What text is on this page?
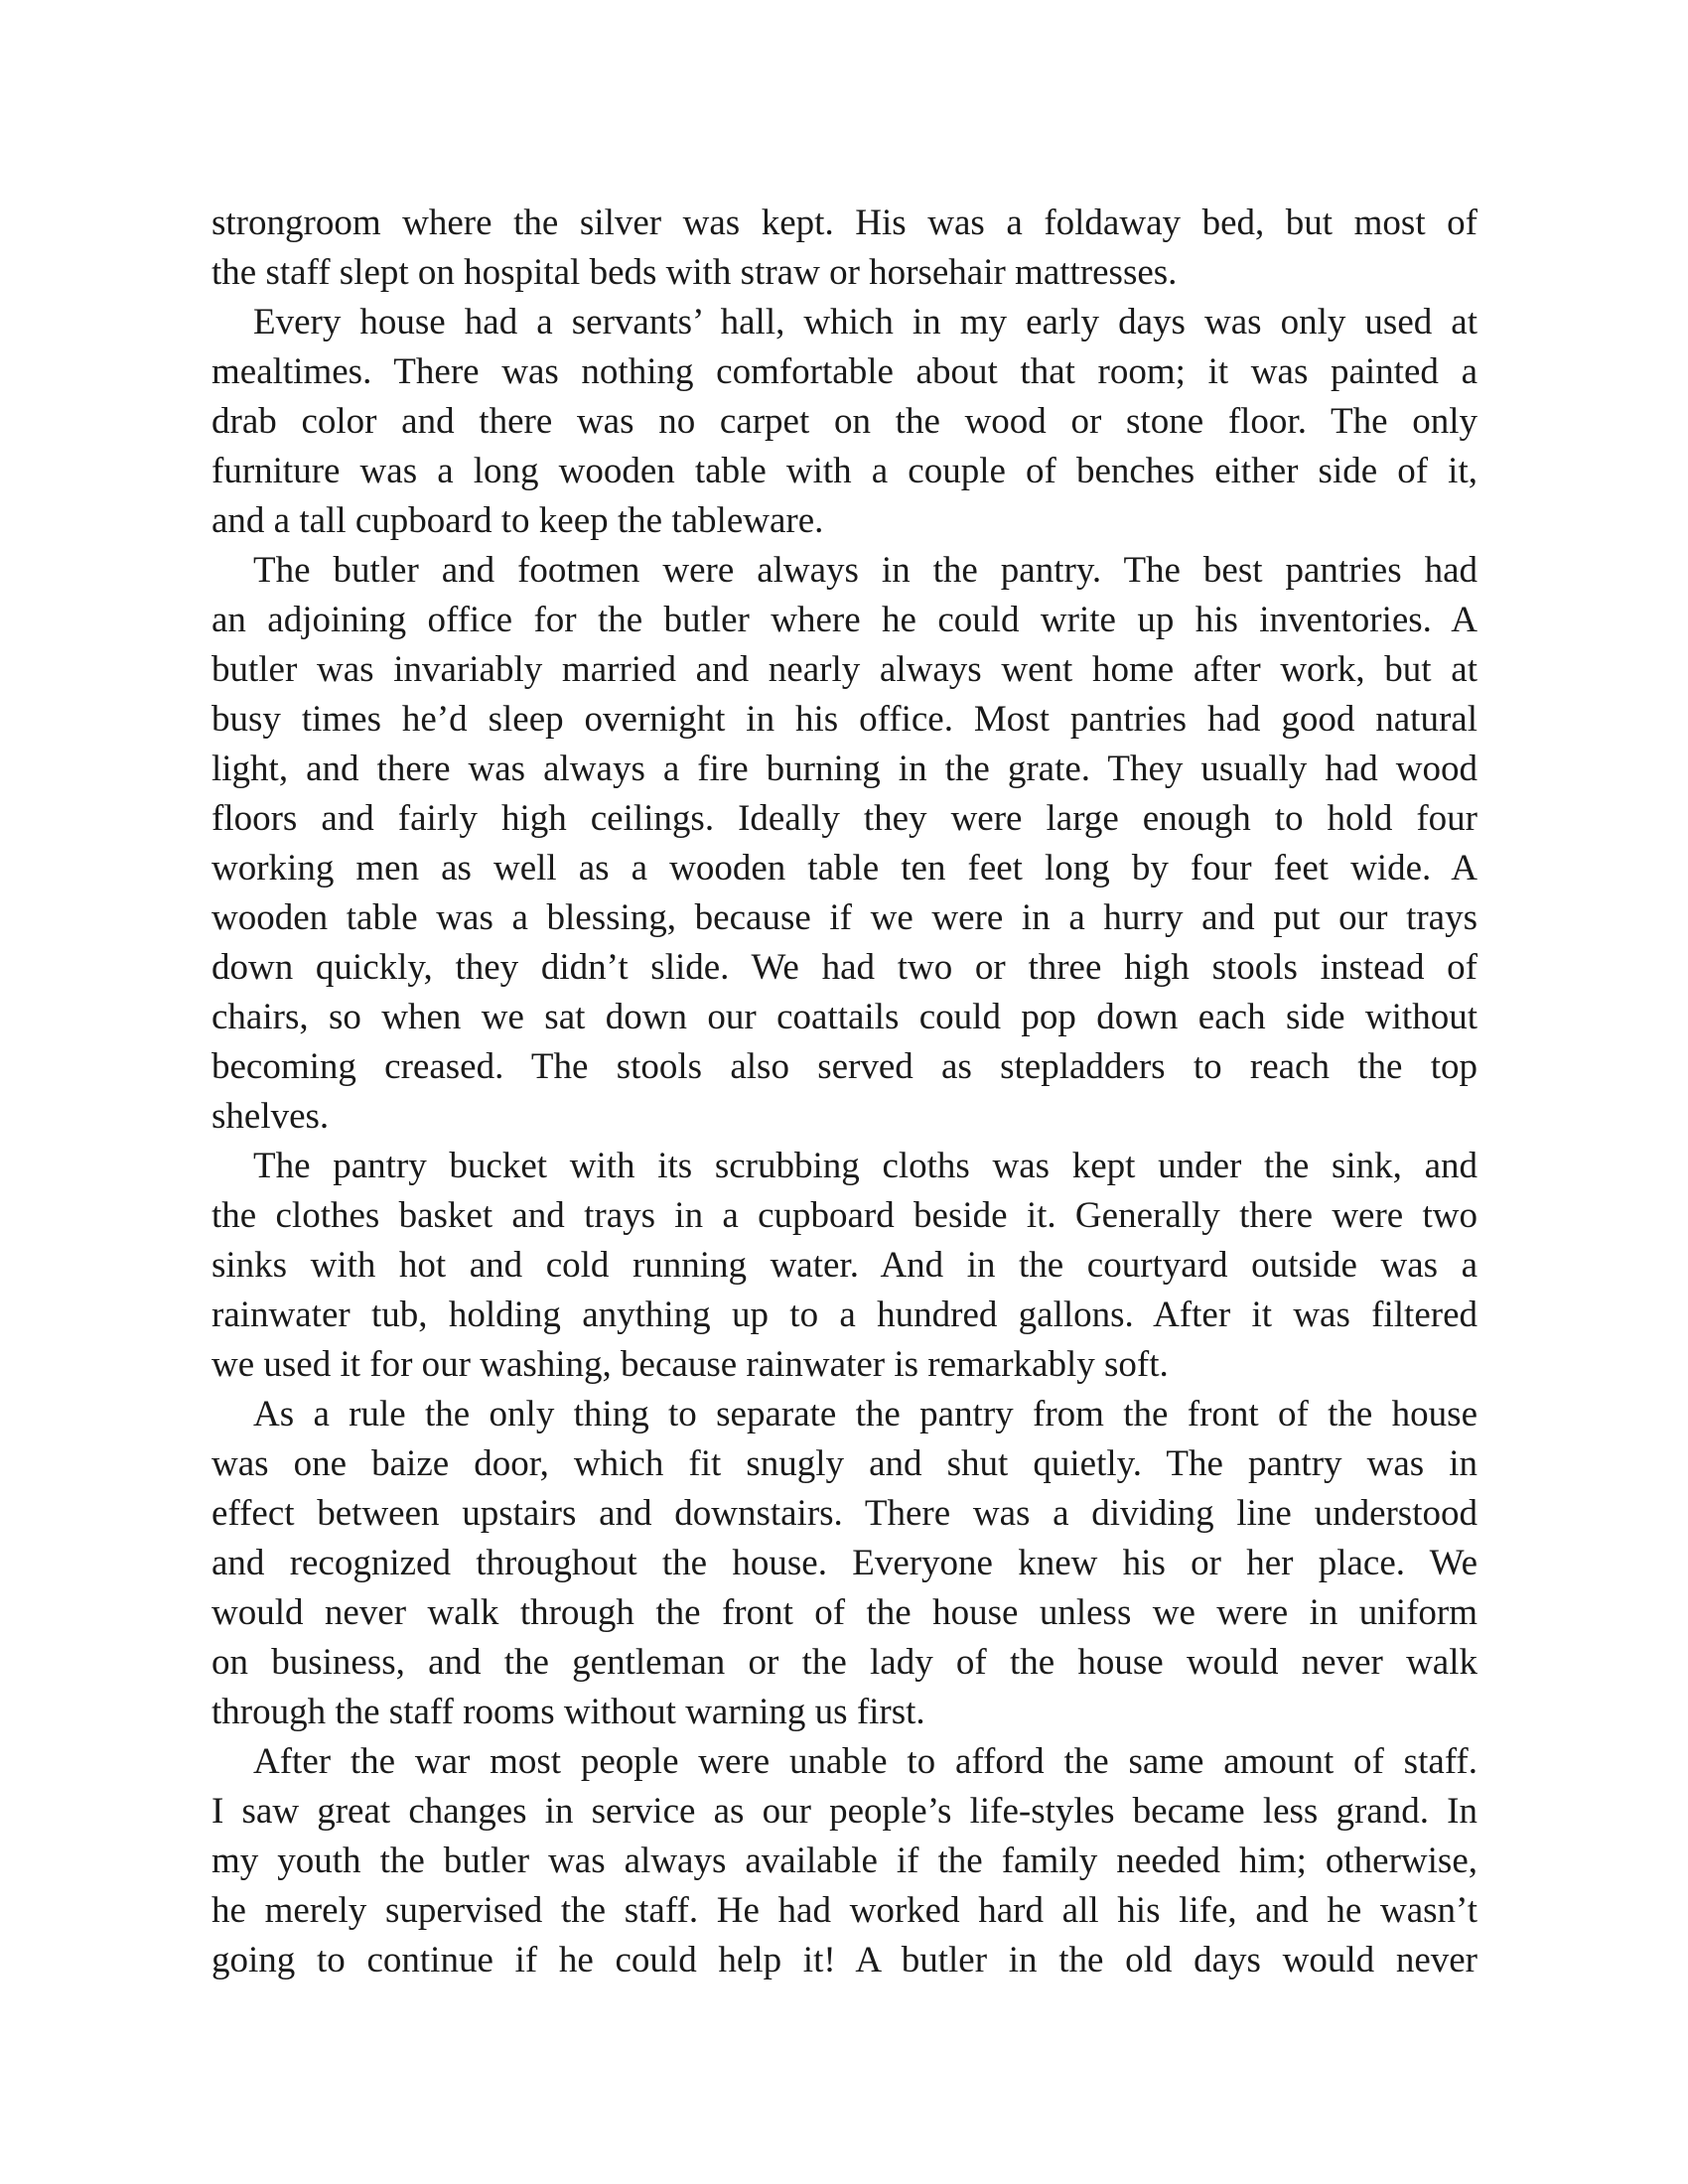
strongroom where the silver was kept. His was a foldaway bed, but most of
the staff slept on hospital beds with straw or horsehair mattresses.
Every house had a servants’ hall, which in my early days was only used at
mealtimes. There was nothing comfortable about that room; it was painted a
drab color and there was no carpet on the wood or stone floor. The only
furniture was a long wooden table with a couple of benches either side of it,
and a tall cupboard to keep the tableware.
The butler and footmen were always in the pantry. The best pantries had
an adjoining office for the butler where he could write up his inventories. A
butler was invariably married and nearly always went home after work, but at
busy times he’d sleep overnight in his office. Most pantries had good natural
light, and there was always a fire burning in the grate. They usually had wood
floors and fairly high ceilings. Ideally they were large enough to hold four
working men as well as a wooden table ten feet long by four feet wide. A
wooden table was a blessing, because if we were in a hurry and put our trays
down quickly, they didn’t slide. We had two or three high stools instead of
chairs, so when we sat down our coattails could pop down each side without
becoming creased. The stools also served as stepladders to reach the top
shelves.
The pantry bucket with its scrubbing cloths was kept under the sink, and
the clothes basket and trays in a cupboard beside it. Generally there were two
sinks with hot and cold running water. And in the courtyard outside was a
rainwater tub, holding anything up to a hundred gallons. After it was filtered
we used it for our washing, because rainwater is remarkably soft.
As a rule the only thing to separate the pantry from the front of the house
was one baize door, which fit snugly and shut quietly. The pantry was in
effect between upstairs and downstairs. There was a dividing line understood
and recognized throughout the house. Everyone knew his or her place. We
would never walk through the front of the house unless we were in uniform
on business, and the gentleman or the lady of the house would never walk
through the staff rooms without warning us first.
After the war most people were unable to afford the same amount of staff.
I saw great changes in service as our people’s life-styles became less grand. In
my youth the butler was always available if the family needed him; otherwise,
he merely supervised the staff. He had worked hard all his life, and he wasn’t
going to continue if he could help it! A butler in the old days would never
